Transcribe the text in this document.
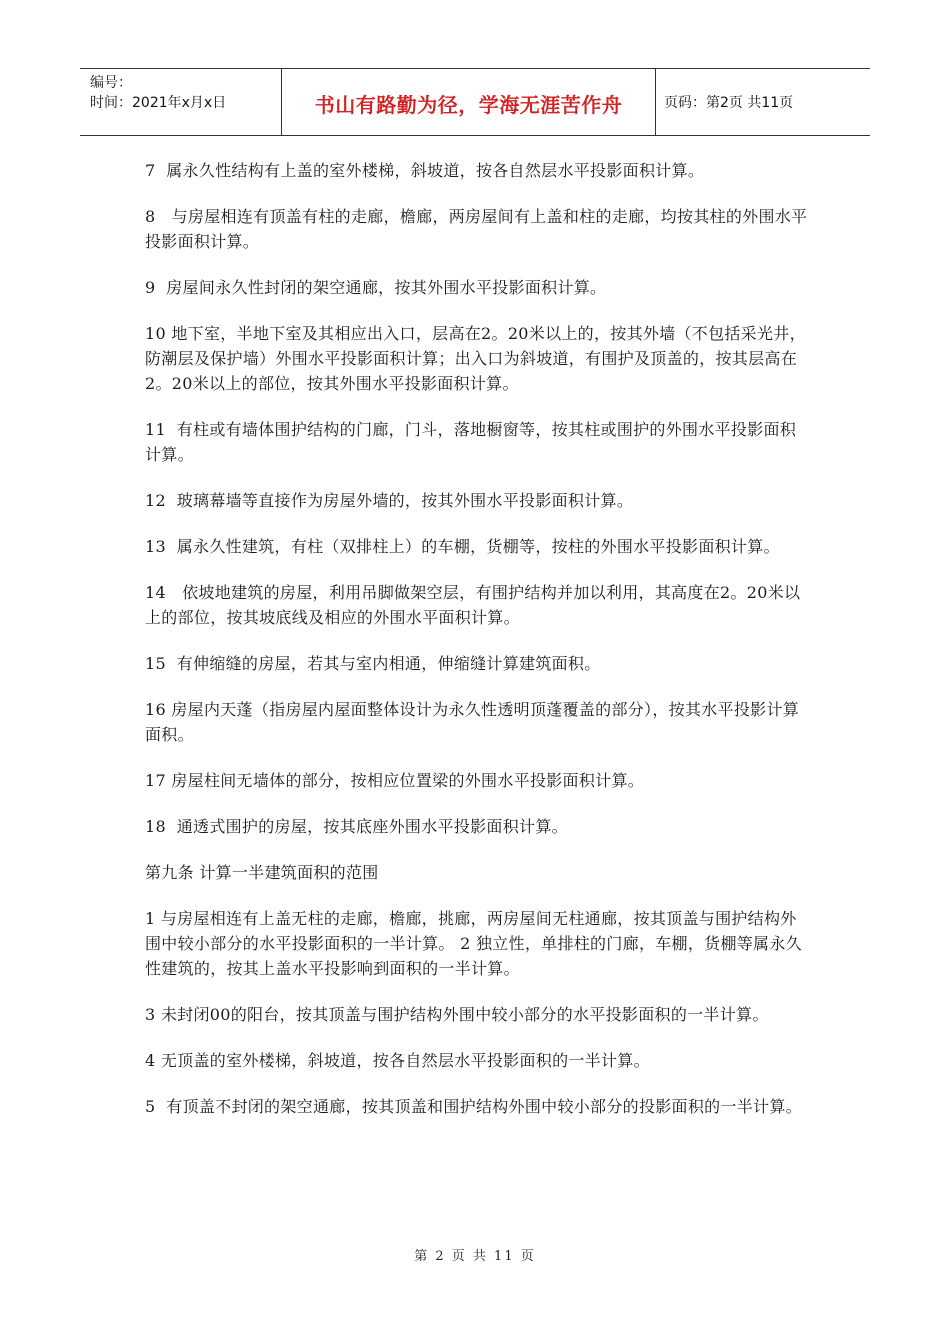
编号：
时间：2021年x月x日	书山有路勤为径，学海无涯苦作舟	页码：第2页 共11页

7  属永久性结构有上盖的室外楼梯，斜坡道，按各自然层水平投影面积计算。

8   与房屋相连有顶盖有柱的走廊，檐廊，两房屋间有上盖和柱的走廊，均按其柱的外围水平投影面积计算。

9  房屋间永久性封闭的架空通廊，按其外围水平投影面积计算。

10 地下室，半地下室及其相应出入口，层高在2。20米以上的，按其外墙（不包括采光井，防潮层及保护墙）外围水平投影面积计算；出入口为斜坡道，有围护及顶盖的，按其层高在2。20米以上的部位，按其外围水平投影面积计算。

11  有柱或有墙体围护结构的门廊，门斗，落地橱窗等，按其柱或围护的外围水平投影面积计算。

12  玻璃幕墙等直接作为房屋外墙的，按其外围水平投影面积计算。

13  属永久性建筑，有柱（双排柱上）的车棚，货棚等，按柱的外围水平投影面积计算。

14   依坡地建筑的房屋，利用吊脚做架空层，有围护结构并加以利用，其高度在2。20米以上的部位，按其坡底线及相应的外围水平面积计算。

15  有伸缩缝的房屋，若其与室内相通，伸缩缝计算建筑面积。

16 房屋内天蓬（指房屋内屋面整体设计为永久性透明顶蓬覆盖的部分），按其水平投影计算面积。

17 房屋柱间无墙体的部分，按相应位置梁的外围水平投影面积计算。

18  通透式围护的房屋，按其底座外围水平投影面积计算。

第九条 计算一半建筑面积的范围

1 与房屋相连有上盖无柱的走廊，檐廊，挑廊，两房屋间无柱通廊，按其顶盖与围护结构外围中较小部分的水平投影面积的一半计算。 2 独立性，单排柱的门廊，车棚，货棚等属永久性建筑的，按其上盖水平投影响到面积的一半计算。

3 未封闭00的阳台，按其顶盖与围护结构外围中较小部分的水平投影面积的一半计算。

4 无顶盖的室外楼梯，斜坡道，按各自然层水平投影面积的一半计算。

5  有顶盖不封闭的架空通廊，按其顶盖和围护结构外围中较小部分的投影面积的一半计算。

第 2 页 共 11 页
